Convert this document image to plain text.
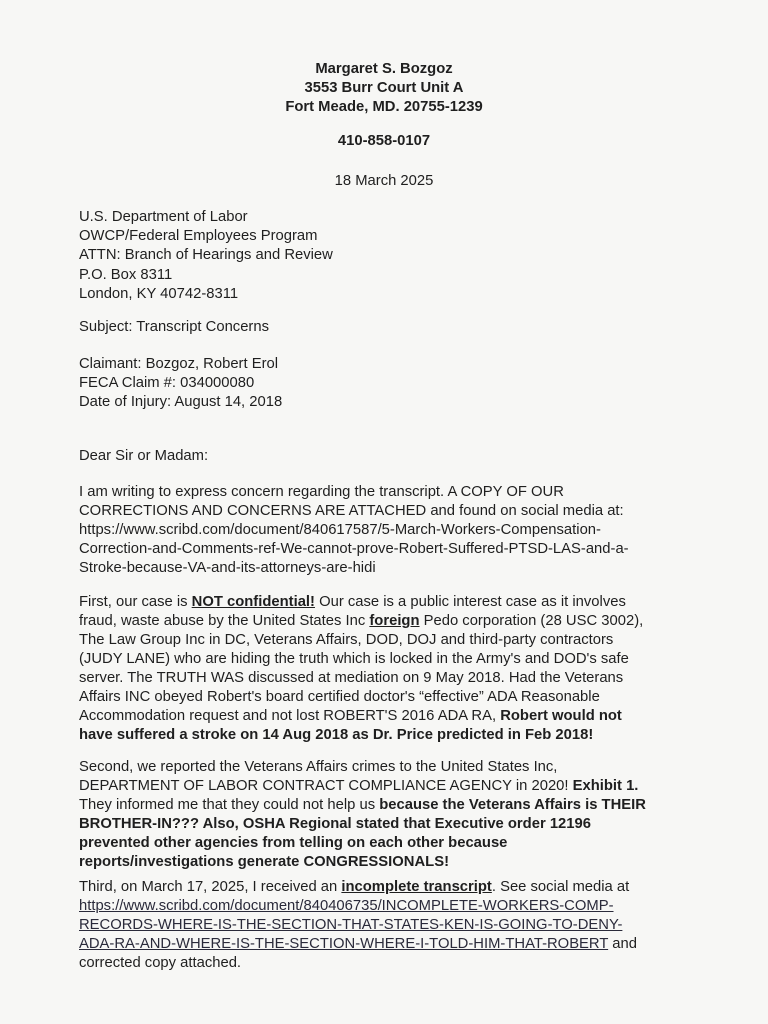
Margaret S. Bozgoz
3553 Burr Court Unit A
Fort Meade, MD. 20755-1239
410-858-0107
18 March 2025
U.S. Department of Labor
OWCP/Federal Employees Program
ATTN: Branch of Hearings and Review
P.O. Box 8311
London, KY 40742-8311
Subject: Transcript Concerns
Claimant: Bozgoz, Robert Erol
FECA Claim #: 034000080
Date of Injury: August 14, 2018
Dear Sir or Madam:
I am writing to express concern regarding the transcript. A COPY OF OUR
CORRECTIONS AND CONCERNS ARE ATTACHED and found on social media at:
https://www.scribd.com/document/840617587/5-March-Workers-Compensation-
Correction-and-Comments-ref-We-cannot-prove-Robert-Suffered-PTSD-LAS-and-a-
Stroke-because-VA-and-its-attorneys-are-hidi
First, our case is NOT confidential! Our case is a public interest case as it involves
fraud, waste abuse by the United States Inc foreign Pedo corporation (28 USC 3002),
The Law Group Inc in DC, Veterans Affairs, DOD, DOJ and third-party contractors
(JUDY LANE) who are hiding the truth which is locked in the Army's and DOD's safe
server. The TRUTH WAS discussed at mediation on 9 May 2018. Had the Veterans
Affairs INC obeyed Robert's board certified doctor's “effective” ADA Reasonable
Accommodation request and not lost ROBERT'S 2016 ADA RA, Robert would not
have suffered a stroke on 14 Aug 2018 as Dr. Price predicted in Feb 2018!
Second, we reported the Veterans Affairs crimes to the United States Inc,
DEPARTMENT OF LABOR CONTRACT COMPLIANCE AGENCY in 2020! Exhibit 1.
They informed me that they could not help us because the Veterans Affairs is THEIR
BROTHER-IN??? Also, OSHA Regional stated that Executive order 12196
prevented other agencies from telling on each other because
reports/investigations generate CONGRESSIONALS!
Third, on March 17, 2025, I received an incomplete transcript. See social media at
https://www.scribd.com/document/840406735/INCOMPLETE-WORKERS-COMP-
RECORDS-WHERE-IS-THE-SECTION-THAT-STATES-KEN-IS-GOING-TO-DENY-
ADA-RA-AND-WHERE-IS-THE-SECTION-WHERE-I-TOLD-HIM-THAT-ROBERT and
corrected copy attached.
